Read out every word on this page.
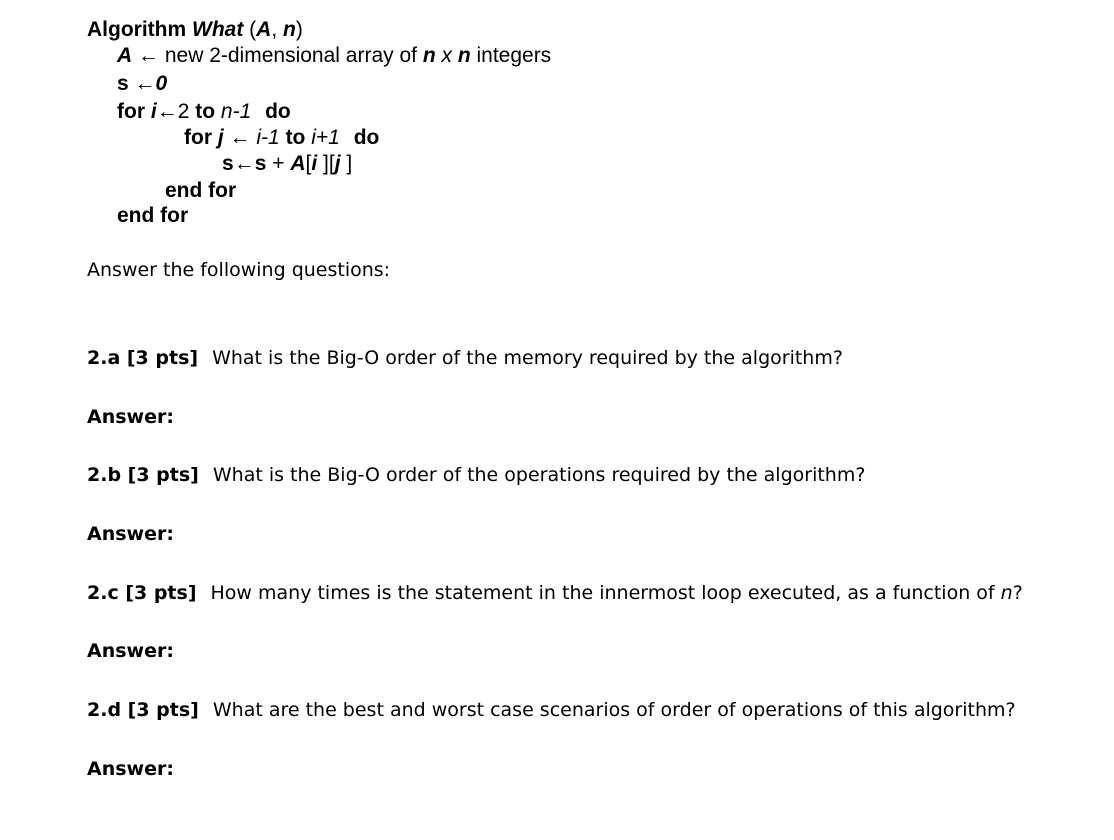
Algorithm What (A, n)
A ← new 2-dimensional array of n x n integers
s ←0
for i←2 to n-1 do
for j ← i-1 to i+1 do
s←s + A[i ][j ]
end for
end for
Answer the following questions:
2.a [3 pts] What is the Big-O order of the memory required by the algorithm?
Answer:
2.b [3 pts] What is the Big-O order of the operations required by the algorithm?
Answer:
2.c [3 pts] How many times is the statement in the innermost loop executed, as a function of n?
Answer:
2.d [3 pts] What are the best and worst case scenarios of order of operations of this algorithm?
Answer:
